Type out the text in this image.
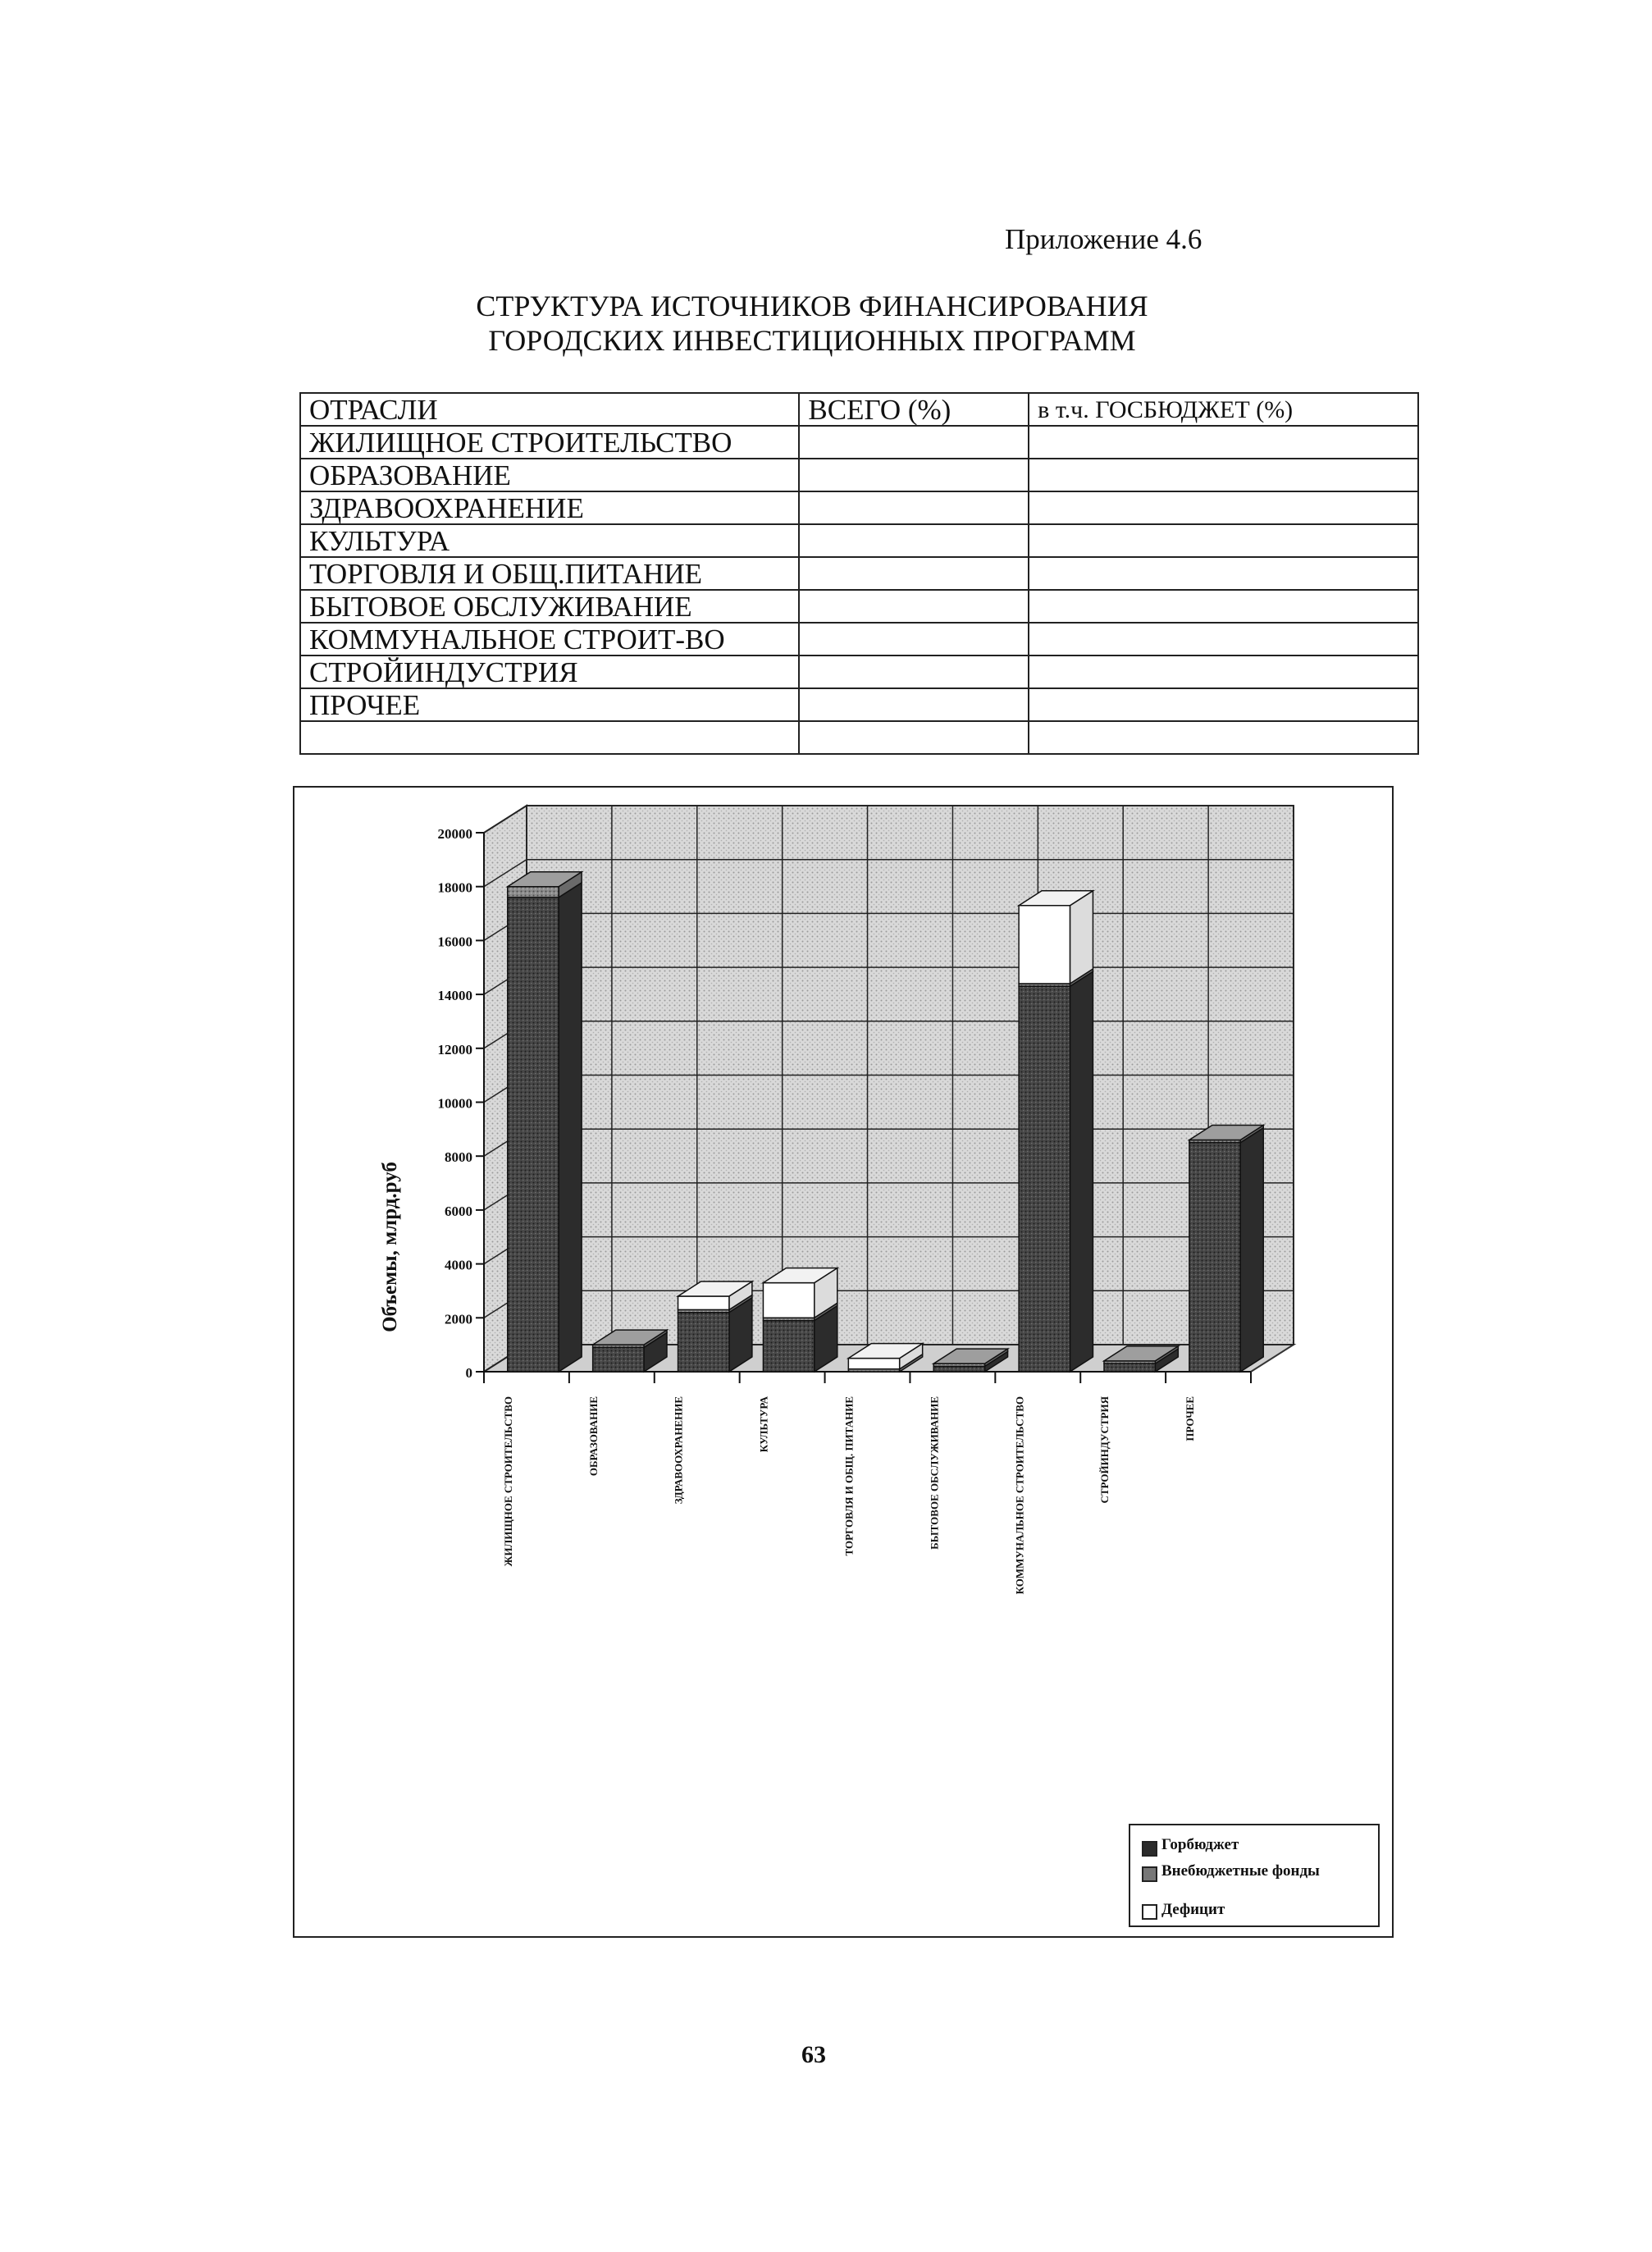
Приложение 4.6
СТРУКТУРА ИСТОЧНИКОВ ФИНАНСИРОВАНИЯ
ГОРОДСКИХ ИНВЕСТИЦИОННЫХ ПРОГРАММ
ОТРАСЛИ	ВСЕГО (%)	в т.ч. ГОСБЮДЖЕТ (%)
ЖИЛИЩНОЕ СТРОИТЕЛЬСТВО		
ОБРАЗОВАНИЕ		
ЗДРАВООХРАНЕНИЕ		
КУЛЬТУРА		
ТОРГОВЛЯ И ОБЩ.ПИТАНИЕ		
БЫТОВОЕ ОБСЛУЖИВАНИЕ		
КОММУНАЛЬНОЕ СТРОИТ-ВО		
СТРОЙИНДУСТРИЯ		
ПРОЧЕЕ		

0
2000
4000
6000
8000
10000
12000
14000
16000
18000
20000
ЖИЛИЩНОЕ СТРОИТЕЛЬСТВО	ОБРАЗОВАНИЕ	ЗДРАВООХРАНЕНИЕ	КУЛЬТУРА	ТОРГОВЛЯ И ОБЩ. ПИТАНИЕ	БЫТОВОЕ ОБСЛУЖИВАНИЕ	КОММУНАЛЬНОЕ СТРОИТЕЛЬСТВО	СТРОЙИНДУСТРИЯ	ПРОЧЕЕ
Объемы, млрд.руб
Горбюджет
Внебюджетные фонды
Дефицит
63
